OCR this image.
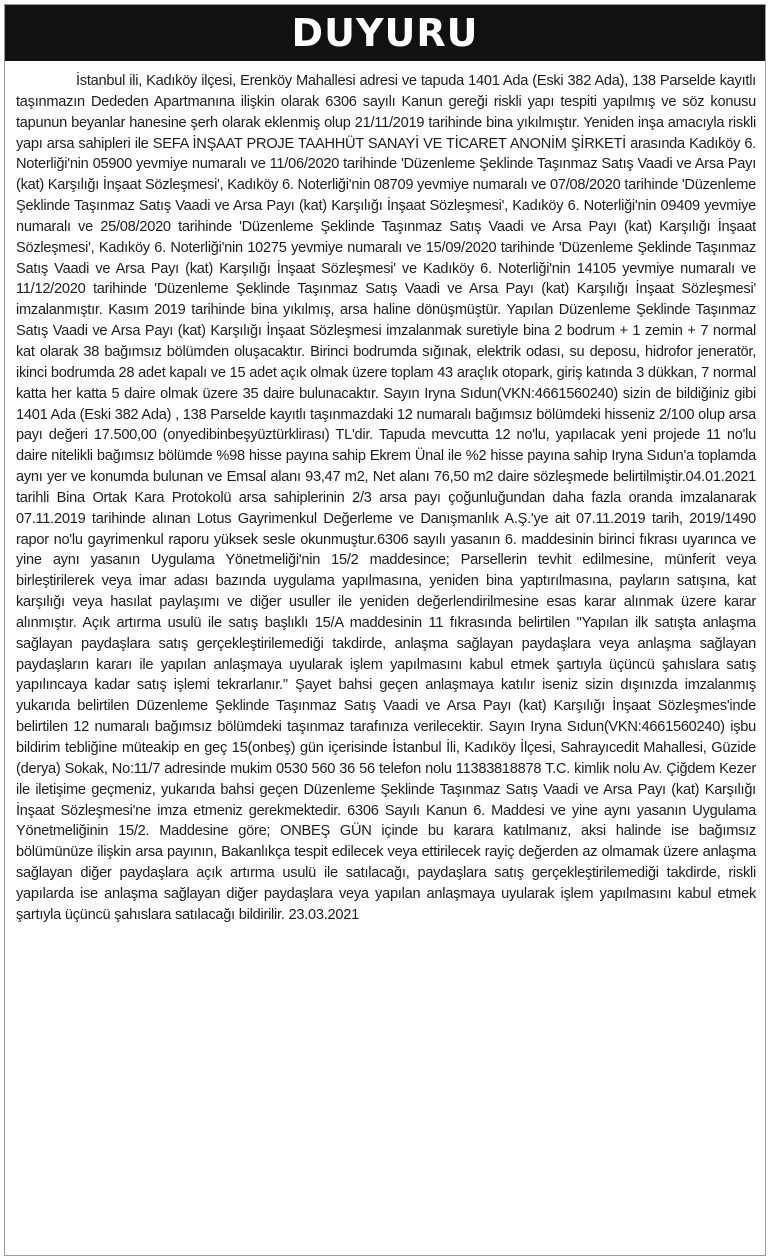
DUYURU

İstanbul ili, Kadıköy ilçesi, Erenköy Mahallesi adresi ve tapuda 1401 Ada (Eski 382 Ada), 138 Parselde kayıtlı taşınmazın Dededen Apartmanına ilişkin olarak 6306 sayılı Kanun gereği riskli yapı tespiti yapılmış ve söz konusu tapunun beyanlar hanesine şerh olarak eklenmiş olup 21/11/2019 tarihinde bina yıkılmıştır. Yeniden inşa amacıyla riskli yapı arsa sahipleri ile SEFA İNŞAAT PROJE TAAHHÜT SANAYİ VE TİCARET ANONİM ŞİRKETİ arasında Kadıköy 6. Noterliği'nin 05900 yevmiye numaralı ve 11/06/2020 tarihinde 'Düzenleme Şeklinde Taşınmaz Satış Vaadi ve Arsa Payı (kat) Karşılığı İnşaat Sözleşmesi', Kadıköy 6. Noterliği'nin 08709 yevmiye numaralı ve 07/08/2020 tarihinde 'Düzenleme Şeklinde Taşınmaz Satış Vaadi ve Arsa Payı (kat) Karşılığı İnşaat Sözleşmesi', Kadıköy 6. Noterliği'nin 09409 yevmiye numaralı ve 25/08/2020 tarihinde 'Düzenleme Şeklinde Taşınmaz Satış Vaadi ve Arsa Payı (kat) Karşılığı İnşaat Sözleşmesi', Kadıköy 6. Noterliği'nin 10275 yevmiye numaralı ve 15/09/2020 tarihinde 'Düzenleme Şeklinde Taşınmaz Satış Vaadi ve Arsa Payı (kat) Karşılığı İnşaat Sözleşmesi' ve Kadıköy 6. Noterliği'nin 14105 yevmiye numaralı ve 11/12/2020 tarihinde 'Düzenleme Şeklinde Taşınmaz Satış Vaadi ve Arsa Payı (kat) Karşılığı İnşaat Sözleşmesi' imzalanmıştır. Kasım 2019 tarihinde bina yıkılmış, arsa haline dönüşmüştür. Yapılan Düzenleme Şeklinde Taşınmaz Satış Vaadi ve Arsa Payı (kat) Karşılığı İnşaat Sözleşmesi imzalanmak suretiyle bina 2 bodrum + 1 zemin + 7 normal kat olarak 38 bağımsız bölümden oluşacaktır. Birinci bodrumda sığınak, elektrik odası, su deposu, hidrofor jeneratör, ikinci bodrumda 28 adet kapalı ve 15 adet açık olmak üzere toplam 43 araçlık otopark, giriş katında 3 dükkan, 7 normal katta her katta 5 daire olmak üzere 35 daire bulunacaktır. Sayın Iryna Sıdun(VKN:4661560240) sizin de bildiğiniz gibi 1401 Ada (Eski 382 Ada) , 138 Parselde kayıtlı taşınmazdaki 12 numaralı bağımsız bölümdeki hisseniz 2/100 olup arsa payı değeri 17.500,00 (onyedibinbeşyüztürklirası) TL'dir. Tapuda mevcutta 12 no'lu, yapılacak yeni projede 11 no'lu daire nitelikli bağımsız bölümde %98 hisse payına sahip Ekrem Ünal ile %2 hisse payına sahip Iryna Sıdun'a toplamda aynı yer ve konumda bulunan ve Emsal alanı 93,47 m2, Net alanı 76,50 m2 daire sözleşmede belirtilmiştir.04.01.2021 tarihli Bina Ortak Kara Protokolü arsa sahiplerinin 2/3 arsa payı çoğunluğundan daha fazla oranda imzalanarak 07.11.2019 tarihinde alınan Lotus Gayrimenkul Değerleme ve Danışmanlık A.Ş.'ye ait 07.11.2019 tarih, 2019/1490 rapor no'lu gayrimenkul raporu yüksek sesle okunmuştur.6306 sayılı yasanın 6. maddesinin birinci fıkrası uyarınca ve yine aynı yasanın Uygulama Yönetmeliği'nin 15/2 maddesince; Parsellerin tevhit edilmesine, münferit veya birleştirilerek veya imar adası bazında uygulama yapılmasına, yeniden bina yaptırılmasına, payların satışına, kat karşılığı veya hasılat paylaşımı ve diğer usuller ile yeniden değerlendirilmesine esas karar alınmak üzere karar alınmıştır. Açık artırma usulü ile satış başlıklı 15/A maddesinin 11 fıkrasında belirtilen "Yapılan ilk satışta anlaşma sağlayan paydaşlara satış gerçekleştirilemediği takdirde, anlaşma sağlayan paydaşlara veya anlaşma sağlayan paydaşların kararı ile yapılan anlaşmaya uyularak işlem yapılmasını kabul etmek şartıyla üçüncü şahıslara satış yapılıncaya kadar satış işlemi tekrarlanır." Şayet bahsi geçen anlaşmaya katılır iseniz sizin dışınızda imzalanmış yukarıda belirtilen Düzenleme Şeklinde Taşınmaz Satış Vaadi ve Arsa Payı (kat) Karşılığı İnşaat Sözleşmes'inde belirtilen 12 numaralı bağımsız bölümdeki taşınmaz tarafınıza verilecektir. Sayın Iryna Sıdun(VKN:4661560240) işbu bildirim tebliğine müteakip en geç 15(onbeş) gün içerisinde İstanbul İli, Kadıköy İlçesi, Sahrayıcedit Mahallesi, Güzide (derya) Sokak, No:11/7 adresinde mukim 0530 560 36 56 telefon nolu 11383818878 T.C. kimlik nolu Av. Çiğdem Kezer ile iletişime geçmeniz, yukarıda bahsi geçen Düzenleme Şeklinde Taşınmaz Satış Vaadi ve Arsa Payı (kat) Karşılığı İnşaat Sözleşmesi'ne imza etmeniz gerekmektedir. 6306 Sayılı Kanun 6. Maddesi ve yine aynı yasanın Uygulama Yönetmeliğinin 15/2. Maddesine göre; ONBEŞ GÜN içinde bu karara katılmanız, aksi halinde ise bağımsız bölümünüze ilişkin arsa payının, Bakanlıkça tespit edilecek veya ettirilecek rayiç değerden az olmamak üzere anlaşma sağlayan diğer paydaşlara açık artırma usulü ile satılacağı, paydaşlara satış gerçekleştirilemediği takdirde, riskli yapılarda ise anlaşma sağlayan diğer paydaşlara veya yapılan anlaşmaya uyularak işlem yapılmasını kabul etmek şartıyla üçüncü şahıslara satılacağı bildirilir. 23.03.2021
